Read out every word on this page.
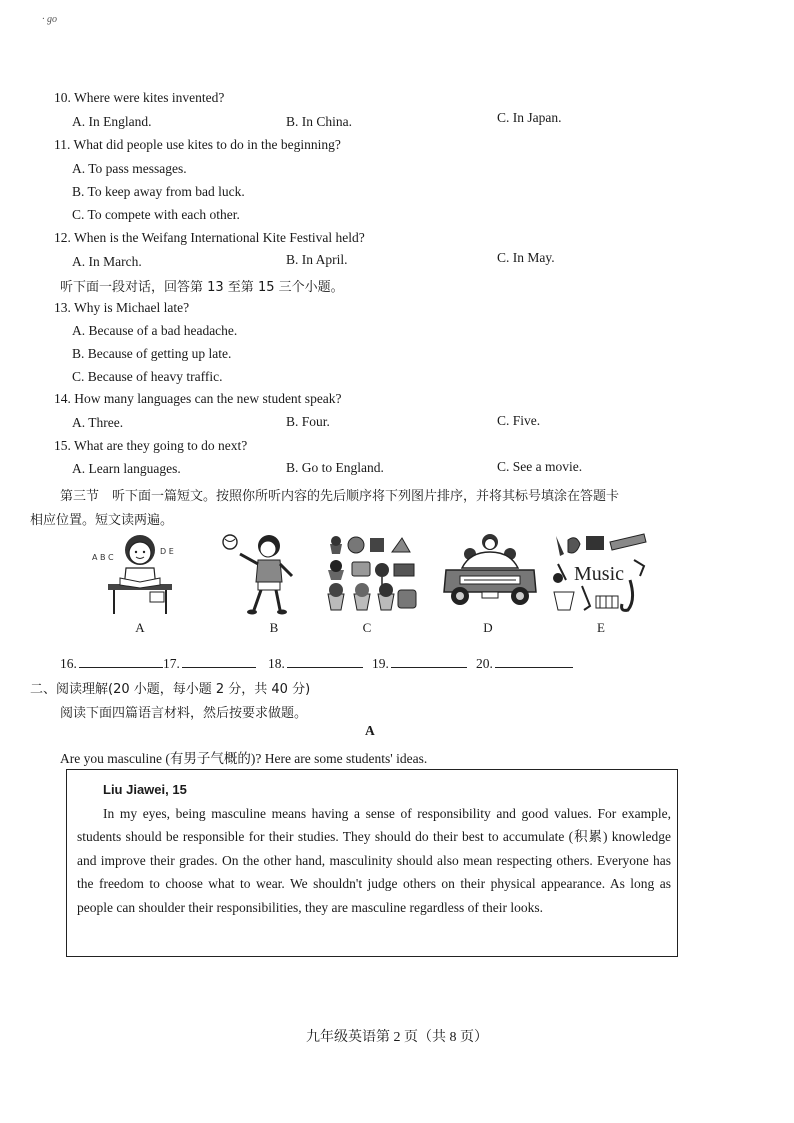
· go
10. Where were kites invented?
A. In England.	B. In China.	C. In Japan.
11. What did people use kites to do in the beginning?
A. To pass messages.
B. To keep away from bad luck.
C. To compete with each other.
12. When is the Weifang International Kite Festival held?
A. In March.	B. In April.	C. In May.
听下面一段对话，回答第 13 至第 15 三个小题。
13. Why is Michael late?
A. Because of a bad headache.
B. Because of getting up late.
C. Because of heavy traffic.
14. How many languages can the new student speak?
A. Three.	B. Four.	C. Five.
15. What are they going to do next?
A. Learn languages.	B. Go to England.	C. See a movie.
第三节　听下面一篇短文。按照你所听内容的先后顺序将下列图片排序，并将其标号填涂在答题卡
相应位置。短文读两遍。
A B C
D E
A	B	C	D
Music
E
16.	17.	18.	19.	20.
二、阅读理解(20 小题，每小题 2 分，共 40 分)
阅读下面四篇语言材料，然后按要求做题。
A
Are you masculine (有男子气概的)? Here are some students' ideas.

Liu Jiawei, 15

In my eyes, being masculine means having a sense of responsibility and good values. For example, students should be responsible for their studies. They should do their best to accumulate (积累) knowledge and improve their grades. On the other hand, masculinity should also mean respecting others. Everyone has the freedom to choose what to wear. We shouldn't judge others on their physical appearance. As long as people can shoulder their responsibilities, they are masculine regardless of their looks.

九年级英语第 2 页（共 8 页）
